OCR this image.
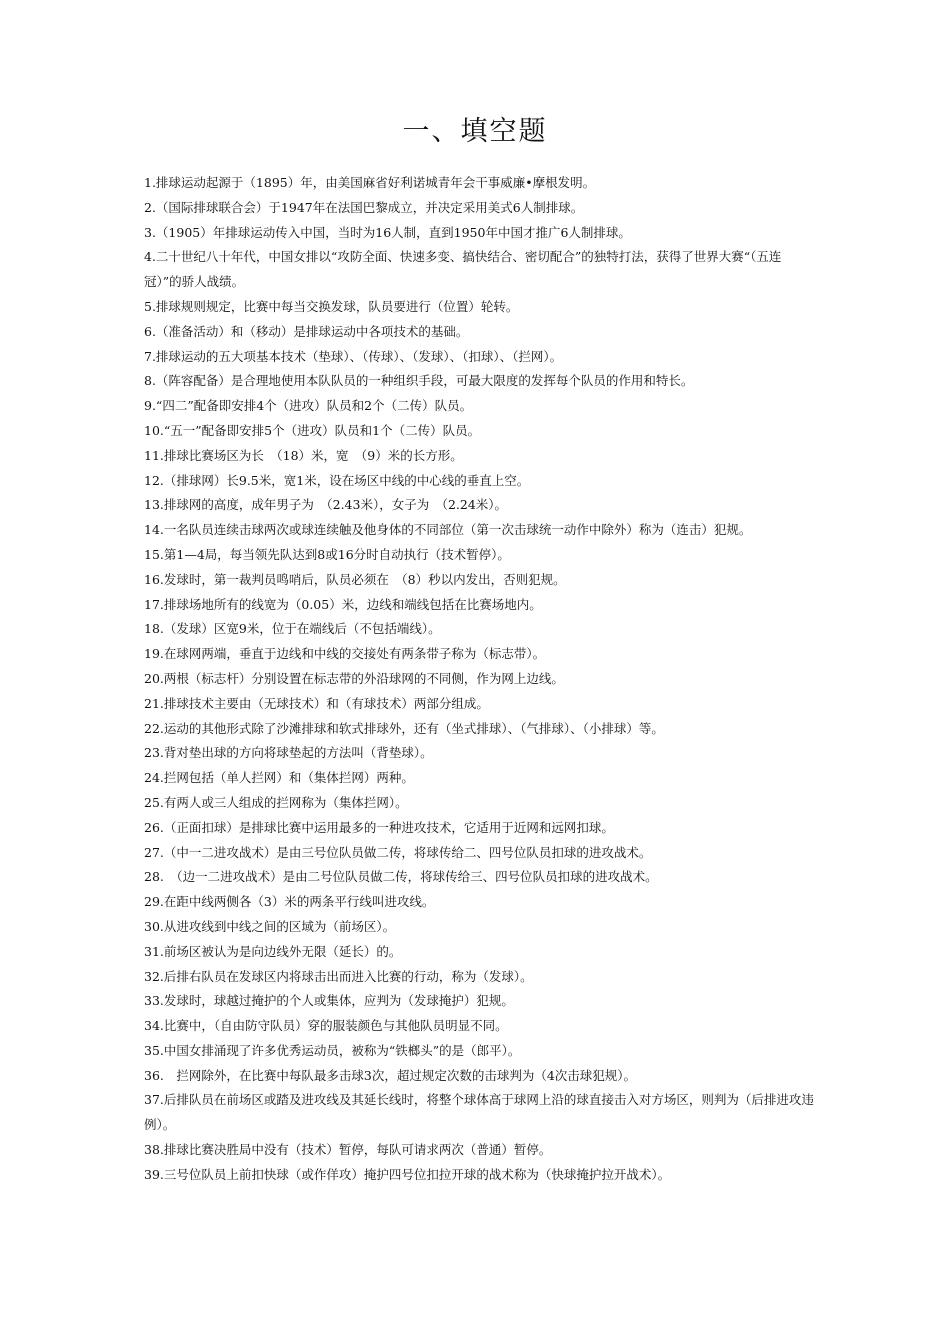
一、填空题
1.排球运动起源于（1895）年，由美国麻省好利诺城青年会干事威廉•摩根发明。
2.（国际排球联合会）于1947年在法国巴黎成立，并决定采用美式6人制排球。
3.（1905）年排球运动传入中国，当时为16人制，直到1950年中国才推广6人制排球。
4.二十世纪八十年代，中国女排以“攻防全面、快速多变、搞快结合、密切配合”的独特打法，获得了世界大赛“（五连冠）”的骄人战绩。
5.排球规则规定，比赛中每当交换发球，队员要进行（位置）轮转。
6.（准备活动）和（移动）是排球运动中各项技术的基础。
7.排球运动的五大项基本技术（垫球）、（传球）、（发球）、（扣球）、（拦网）。
8.（阵容配备）是合理地使用本队队员的一种组织手段，可最大限度的发挥每个队员的作用和特长。
9.“四二”配备即安排4个（进攻）队员和2个（二传）队员。
10.“五一”配备即安排5个（进攻）队员和1个（二传）队员。
11.排球比赛场区为长　（18）米，宽　（9）米的长方形。
12.（排球网）长9.5米，宽1米，设在场区中线的中心线的垂直上空。
13.排球网的高度，成年男子为　（2.43米），女子为　（2.24米）。
14.一名队员连续击球两次或球连续触及他身体的不同部位（第一次击球统一动作中除外）称为（连击）犯规。
15.第1—4局，每当领先队达到8或16分时自动执行（技术暂停）。
16.发球时，第一裁判员鸣哨后，队员必须在　（8）秒以内发出，否则犯规。
17.排球场地所有的线宽为（0.05）米，边线和端线包括在比赛场地内。
18.（发球）区宽9米，位于在端线后（不包括端线）。
19.在球网两端，垂直于边线和中线的交接处有两条带子称为（标志带）。
20.两根（标志杆）分别设置在标志带的外沿球网的不同侧，作为网上边线。
21.排球技术主要由（无球技术）和（有球技术）两部分组成。
22.运动的其他形式除了沙滩排球和软式排球外，还有（坐式排球）、（气排球）、（小排球）等。
23.背对垫出球的方向将球垫起的方法叫（背垫球）。
24.拦网包括（单人拦网）和（集体拦网）两种。
25.有两人或三人组成的拦网称为（集体拦网）。
26.（正面扣球）是排球比赛中运用最多的一种进攻技术，它适用于近网和远网扣球。
27.（中一二进攻战术）是由三号位队员做二传，将球传给二、四号位队员扣球的进攻战术。
28.　（边一二进攻战术）是由二号位队员做二传，将球传给三、四号位队员扣球的进攻战术。
29.在距中线两侧各（3）米的两条平行线叫进攻线。
30.从进攻线到中线之间的区域为（前场区）。
31.前场区被认为是向边线外无限（延长）的。
32.后排右队员在发球区内将球击出而进入比赛的行动，称为（发球）。
33.发球时，球越过掩护的个人或集体，应判为（发球掩护）犯规。
34.比赛中，（自由防守队员）穿的服装颜色与其他队员明显不同。
35.中国女排涌现了许多优秀运动员，被称为“铁榔头”的是（郎平）。
36.　拦网除外，在比赛中每队最多击球3次，超过规定次数的击球判为（4次击球犯规）。
37.后排队员在前场区或踏及进攻线及其延长线时，将整个球体高于球网上沿的球直接击入对方场区，则判为（后排进攻违例）。
38.排球比赛决胜局中没有（技术）暂停，每队可请求两次（普通）暂停。
39.三号位队员上前扣快球（或作佯攻）掩护四号位扣拉开球的战术称为（快球掩护拉开战术）。
